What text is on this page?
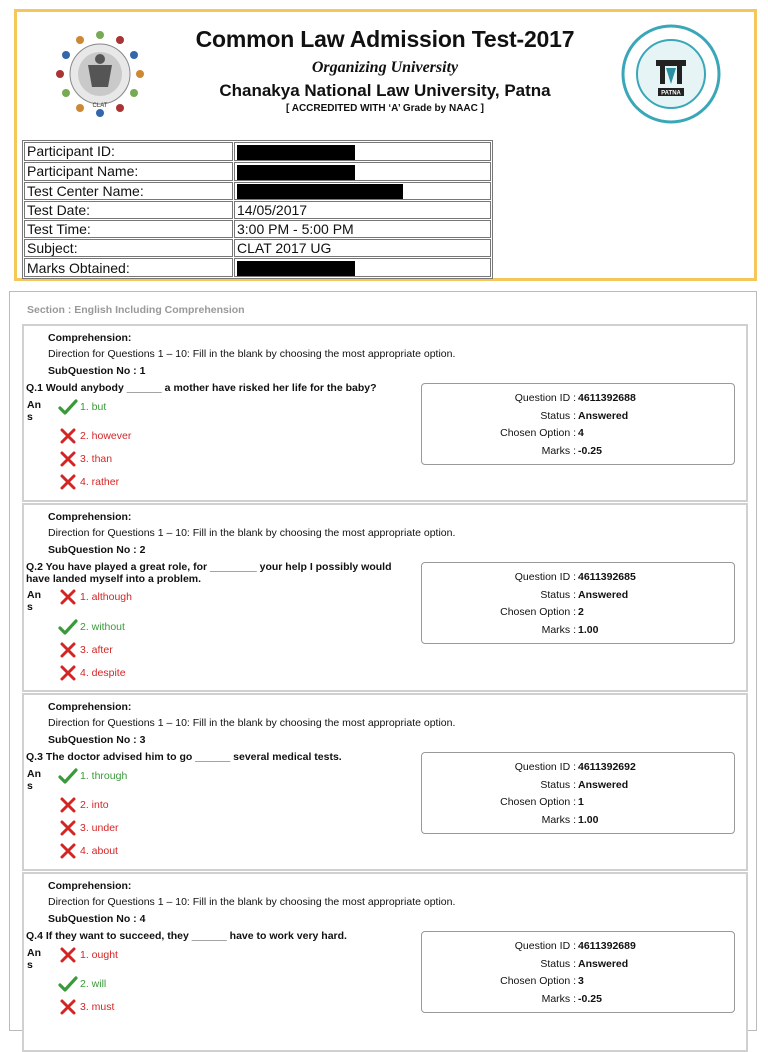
CLAT
Common Law Admission Test-2017
Organizing University
Chanakya National Law University, Patna
[ ACCREDITED WITH ‘A’ Grade by NAAC ]
PATNA
Participant ID:	
Participant Name:	
Test Center Name:	
Test Date:	14/05/2017
Test Time:	3:00 PM - 5:00 PM
Subject:	CLAT 2017 UG
Marks Obtained:	
Section : English Including Comprehension
Comprehension:
Direction for Questions 1 – 10: Fill in the blank by choosing the most appropriate option.
SubQuestion No : 1
Q.1 Would anybody ______ a mother have risked her life for the baby?
An s
1. but
2. however
3. than
4. rather
Question ID : 4611392688
Status : Answered
Chosen Option : 4
Marks : -0.25
Comprehension:
Direction for Questions 1 – 10: Fill in the blank by choosing the most appropriate option.
SubQuestion No : 2
Q.2 You have played a great role, for ________ your help I possibly would have landed myself into a problem.
An s
1. although
2. without
3. after
4. despite
Question ID : 4611392685
Status : Answered
Chosen Option : 2
Marks : 1.00
Comprehension:
Direction for Questions 1 – 10: Fill in the blank by choosing the most appropriate option.
SubQuestion No : 3
Q.3 The doctor advised him to go ______ several medical tests.
An s
1. through
2. into
3. under
4. about
Question ID : 4611392692
Status : Answered
Chosen Option : 1
Marks : 1.00
Comprehension:
Direction for Questions 1 – 10: Fill in the blank by choosing the most appropriate option.
SubQuestion No : 4
Q.4 If they want to succeed, they ______ have to work very hard.
An s
1. ought
2. will
3. must
Question ID : 4611392689
Status : Answered
Chosen Option : 3
Marks : -0.25
